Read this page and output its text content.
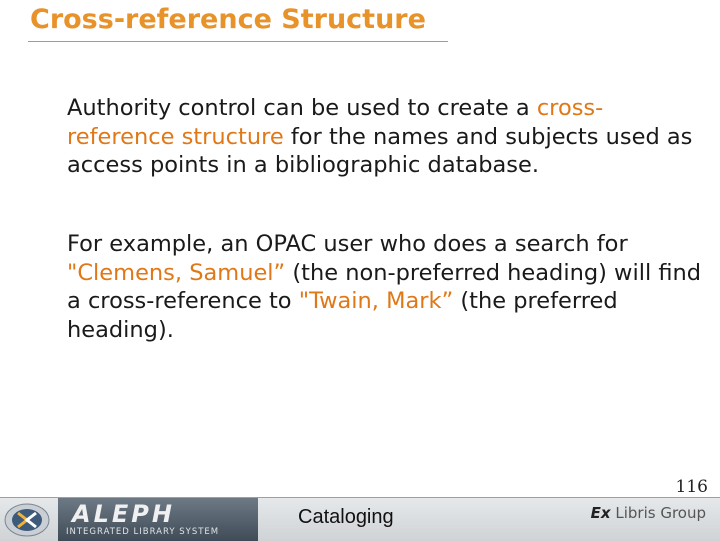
Cross-reference Structure
Authority control can be used to create a cross-reference structure for the names and subjects used as access points in a bibliographic database.
For example, an OPAC user who does a search for "Clemens, Samuel” (the non-preferred heading) will find a cross-reference to "Twain, Mark” (the preferred heading).
116
ALEPH
INTEGRATED LIBRARY SYSTEM
Cataloging	Ex Libris Group
